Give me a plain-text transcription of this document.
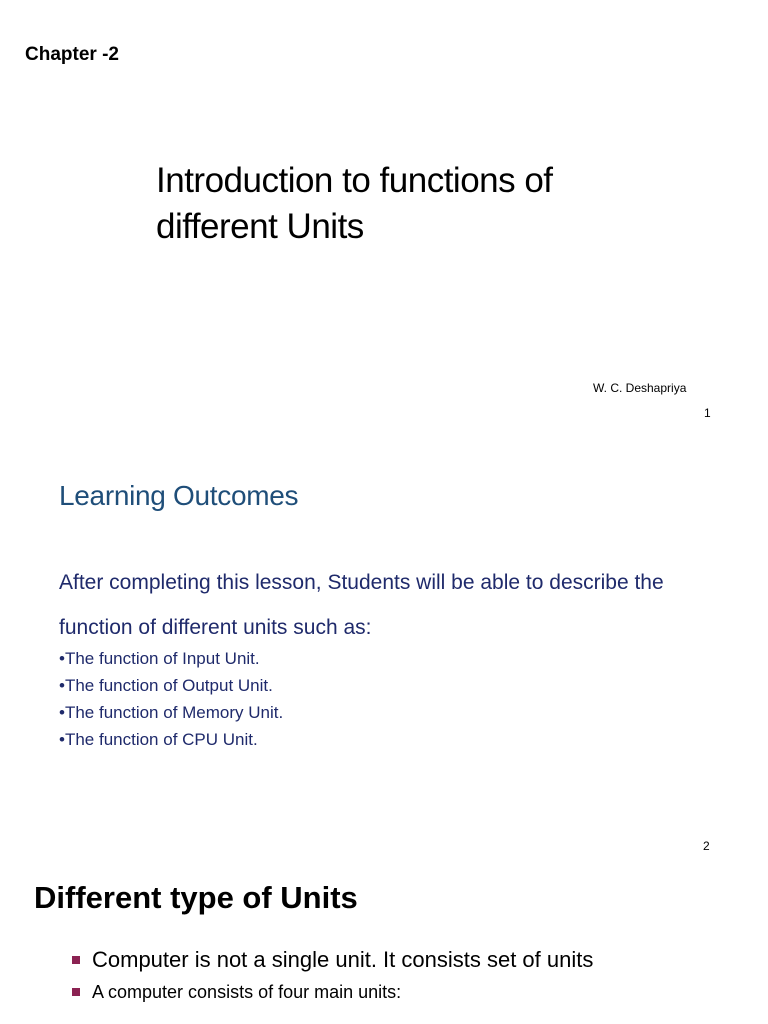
Chapter -2
Introduction to functions of different Units
W. C. Deshapriya
1
Learning Outcomes
After completing this lesson, Students will be able to describe the function of different units such as:
•The function of Input Unit.
•The function of Output Unit.
•The function of Memory Unit.
•The function of CPU Unit.
2
Different type of Units
Computer is not a single unit. It consists set of units
A computer consists of four main units:
